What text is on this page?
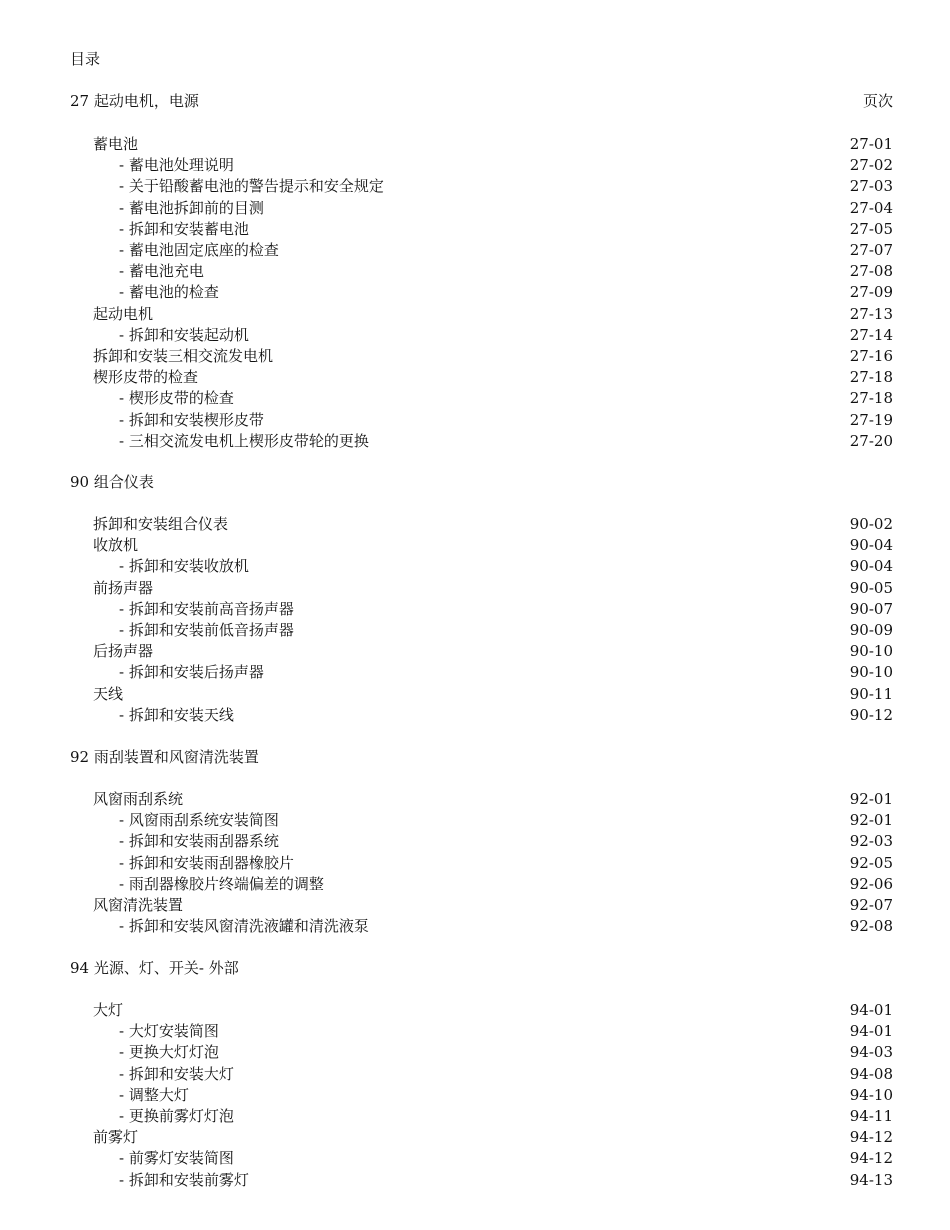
目录
27 起动电机，电源	页次
蓄电池	27-01
- 蓄电池处理说明	27-02
- 关于铅酸蓄电池的警告提示和安全规定	27-03
- 蓄电池拆卸前的目测	27-04
- 拆卸和安装蓄电池	27-05
- 蓄电池固定底座的检查	27-07
- 蓄电池充电	27-08
- 蓄电池的检查	27-09
起动电机	27-13
- 拆卸和安装起动机	27-14
拆卸和安装三相交流发电机	27-16
楔形皮带的检查	27-18
- 楔形皮带的检查	27-18
- 拆卸和安装楔形皮带	27-19
- 三相交流发电机上楔形皮带轮的更换	27-20
90 组合仪表
拆卸和安装组合仪表	90-02
收放机	90-04
- 拆卸和安装收放机	90-04
前扬声器	90-05
- 拆卸和安装前高音扬声器	90-07
- 拆卸和安装前低音扬声器	90-09
后扬声器	90-10
- 拆卸和安装后扬声器	90-10
天线	90-11
- 拆卸和安装天线	90-12
92 雨刮装置和风窗清洗装置
风窗雨刮系统	92-01
- 风窗雨刮系统安装简图	92-01
- 拆卸和安装雨刮器系统	92-03
- 拆卸和安装雨刮器橡胶片	92-05
- 雨刮器橡胶片终端偏差的调整	92-06
风窗清洗装置	92-07
- 拆卸和安装风窗清洗液罐和清洗液泵	92-08
94 光源、灯、开关- 外部
大灯	94-01
- 大灯安装简图	94-01
- 更换大灯灯泡	94-03
- 拆卸和安装大灯	94-08
- 调整大灯	94-10
- 更换前雾灯灯泡	94-11
前雾灯	94-12
- 前雾灯安装简图	94-12
- 拆卸和安装前雾灯	94-13
